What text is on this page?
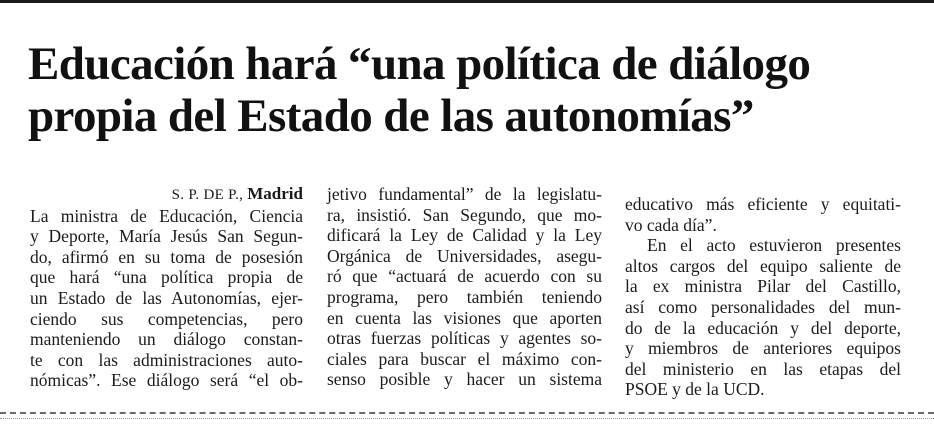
Educación hará “una política de diálogo
propia del Estado de las autonomías”
S. P. DE P., Madrid
La ministra de Educación, Ciencia
y Deporte, María Jesús San Segun-
do, afirmó en su toma de posesión
que hará “una política propia de
un Estado de las Autonomías, ejer-
ciendo sus competencias, pero
manteniendo un diálogo constan-
te con las administraciones auto-
nómicas”. Ese diálogo será “el ob-
jetivo fundamental” de la legislatu-
ra, insistió. San Segundo, que mo-
dificará la Ley de Calidad y la Ley
Orgánica de Universidades, asegu-
ró que “actuará de acuerdo con su
programa, pero también teniendo
en cuenta las visiones que aporten
otras fuerzas políticas y agentes so-
ciales para buscar el máximo con-
senso posible y hacer un sistema
educativo más eficiente y equitati-
vo cada día”.
En el acto estuvieron presentes
altos cargos del equipo saliente de
la ex ministra Pilar del Castillo,
así como personalidades del mun-
do de la educación y del deporte,
y miembros de anteriores equipos
del ministerio en las etapas del
PSOE y de la UCD.
